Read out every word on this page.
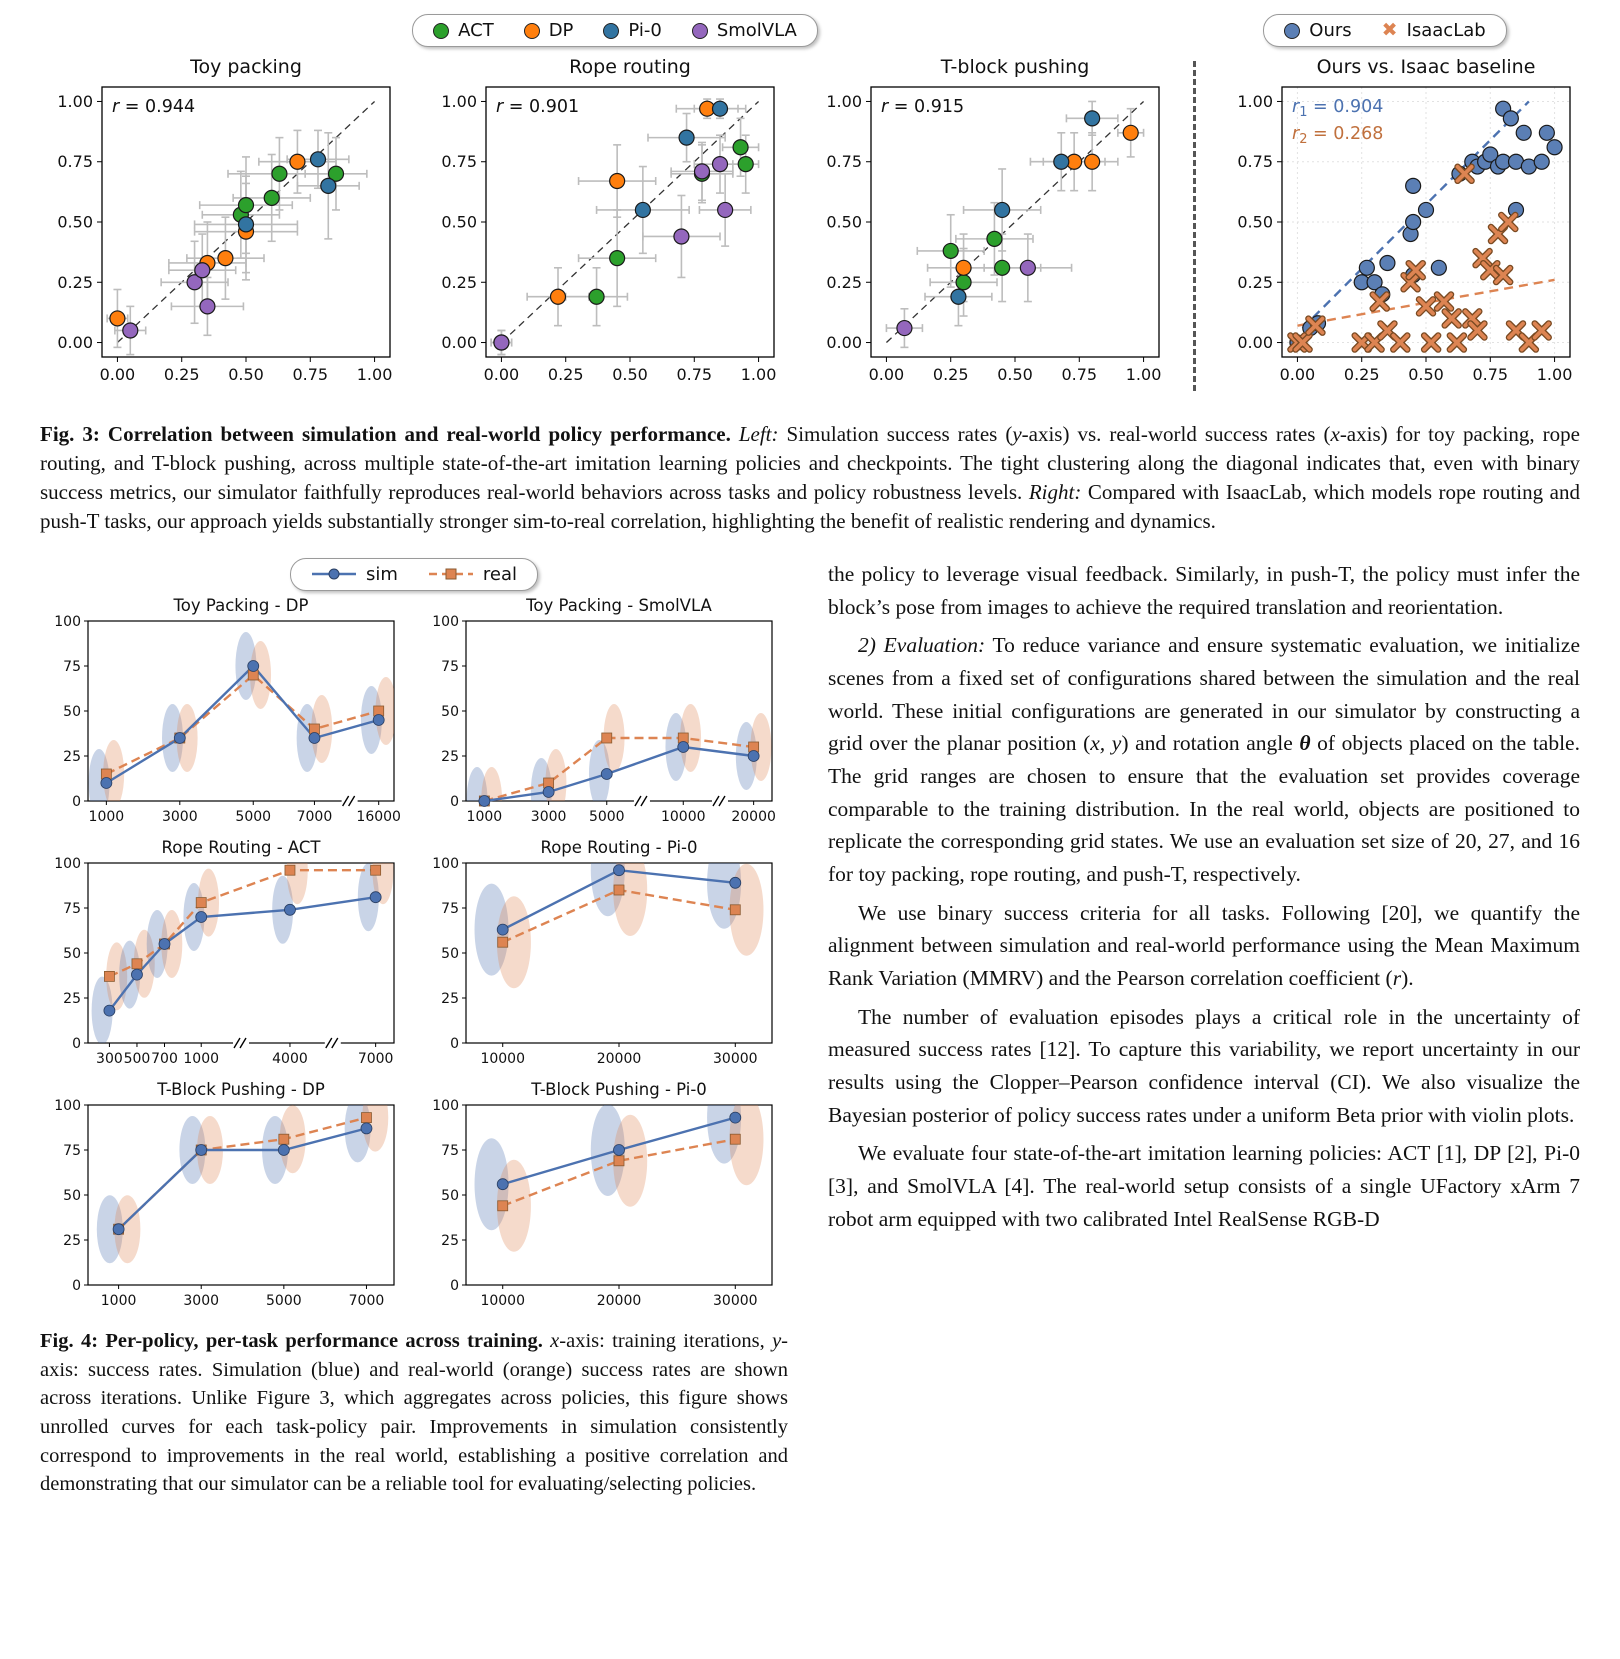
ACT	DP	Pi-0	SmolVLA	Ours ✖ IsaacLab
Toy packing
0.00
0.00
0.25
0.25
0.50
0.50
0.75
0.75
1.00
1.00 r = 0.944
Rope routing
0.00
0.00
0.25
0.25
0.50
0.50
0.75
0.75
1.00
1.00 r = 0.901
T-block pushing
0.00
0.00
0.25
0.25
0.50
0.50
0.75
0.75
1.00
1.00 r = 0.915
Ours vs. Isaac baseline
0.00
0.00
0.25
0.25
0.50
0.50
0.75
0.75
1.00
1.00 $r_1 = 0.904$
$r_2 = 0.268$

Fig. 3: Correlation between simulation and real-world policy performance. Left: Simulation success rates (y-axis) vs. real-world success rates (x-axis) for toy packing, rope routing, and T-block pushing, across multiple state-of-the-art imitation learning policies and checkpoints. The tight clustering along the diagonal indicates that, even with binary success metrics, our simulator faithfully reproduces real-world behaviors across tasks and policy robustness levels. Right: Compared with IsaacLab, which models rope routing and push-T tasks, our approach yields substantially stronger sim-to-real correlation, highlighting the benefit of realistic rendering and dynamics.

sim	real
Toy Packing - DP
0
25
50
75
100
1000	3000	5000 7000 16000
Toy Packing - SmolVLA
0
25
50
75
100
1000 3000 5000	10000 20000
Rope Routing - ACT
0
25
50
75
100
300 500 700 1000	4000	7000
Rope Routing - Pi-0
0
25
50
75
100
10000	20000	30000
T-Block Pushing - DP
0
25
50
75
100
1000	3000	5000	7000
T-Block Pushing - Pi-0
0
25
50
75
100
10000	20000	30000

Fig. 4: Per-policy, per-task performance across training. x-axis: training iterations, y-axis: success rates. Simulation (blue) and real-world (orange) success rates are shown across iterations. Unlike Figure 3, which aggregates across policies, this figure shows unrolled curves for each task-policy pair. Improvements in simulation consistently correspond to improvements in the real world, establishing a positive correlation and demonstrating that our simulator can be a reliable tool for evaluating/selecting policies.

the policy to leverage visual feedback. Similarly, in push-T, the policy must infer the block’s pose from images to achieve the required translation and reorientation.

2) Evaluation: To reduce variance and ensure systematic evaluation, we initialize scenes from a fixed set of configurations shared between the simulation and the real world. These initial configurations are generated in our simulator by constructing a grid over the planar position (x, y) and rotation angle θ of objects placed on the table. The grid ranges are chosen to ensure that the evaluation set provides coverage comparable to the training distribution. In the real world, objects are positioned to replicate the corresponding grid states. We use an evaluation set size of 20, 27, and 16 for toy packing, rope routing, and push-T, respectively.

We use binary success criteria for all tasks. Following [20], we quantify the alignment between simulation and real-world performance using the Mean Maximum Rank Variation (MMRV) and the Pearson correlation coefficient (r).

The number of evaluation episodes plays a critical role in the uncertainty of measured success rates [12]. To capture this variability, we report uncertainty in our results using the Clopper–Pearson confidence interval (CI). We also visualize the Bayesian posterior of policy success rates under a uniform Beta prior with violin plots.

We evaluate four state-of-the-art imitation learning policies: ACT [1], DP [2], Pi-0 [3], and SmolVLA [4]. The real-world setup consists of a single UFactory xArm 7 robot arm equipped with two calibrated Intel RealSense RGB-D
